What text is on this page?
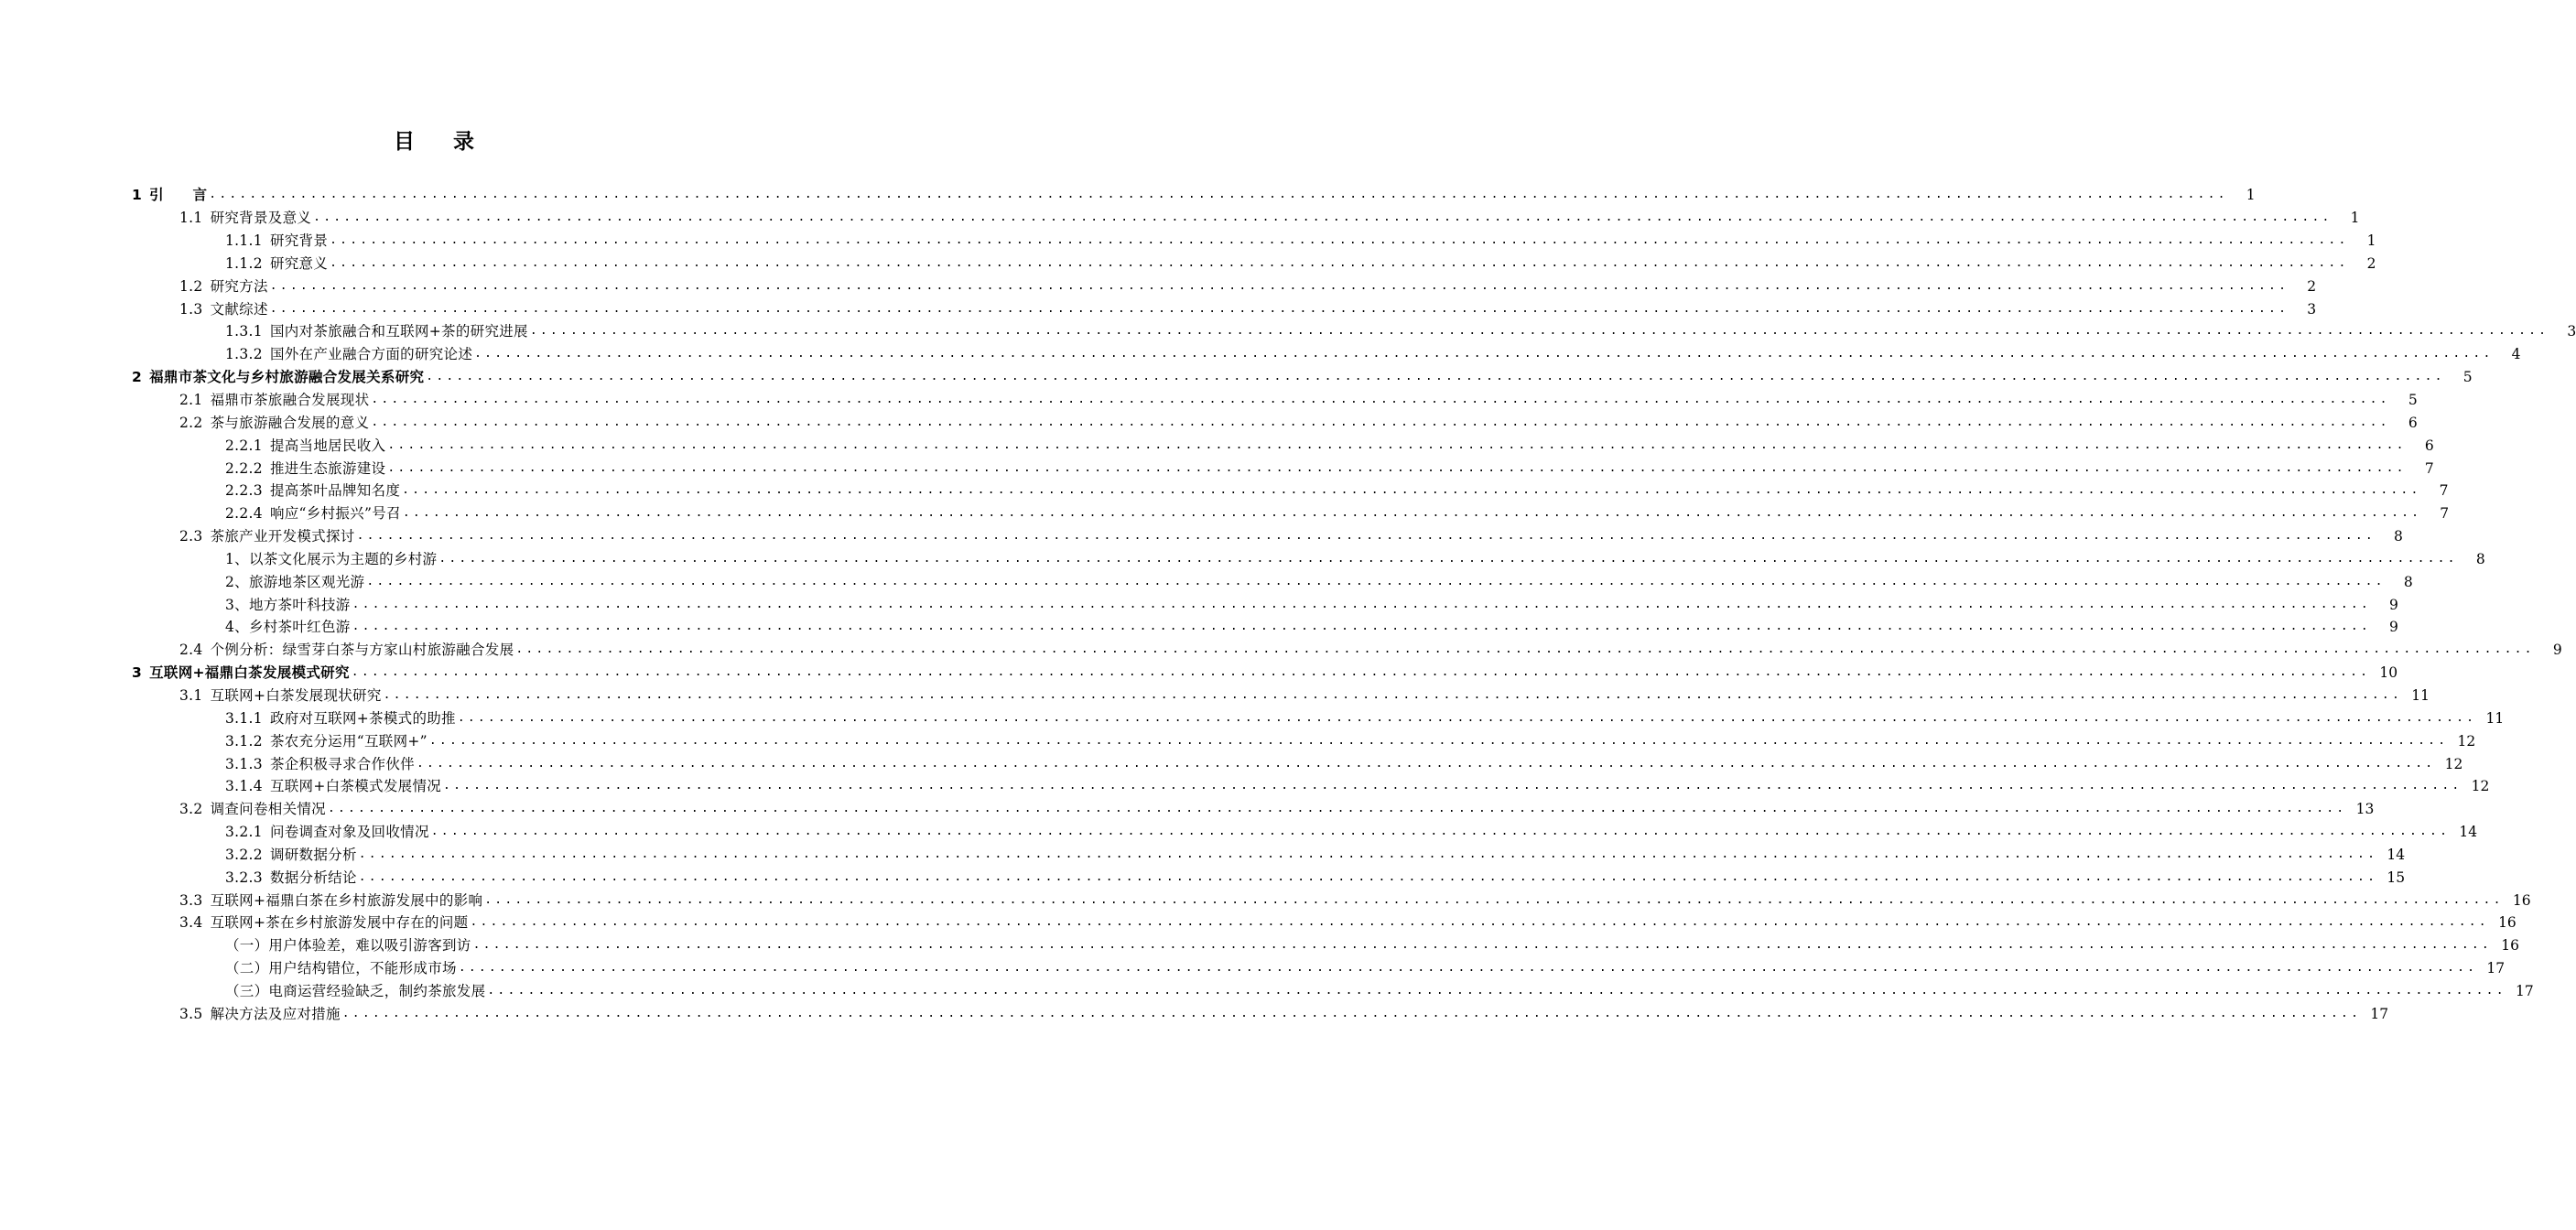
目 录
1 引　　言 ........................................................................................................................................................................................................	1
1.1 研究背景及意义 ........................................................................................................................................................................................................	1
1.1.1 研究背景 ........................................................................................................................................................................................................	1
1.1.2 研究意义 ........................................................................................................................................................................................................	2
1.2 研究方法 ........................................................................................................................................................................................................	2
1.3 文献综述 ........................................................................................................................................................................................................	3
1.3.1 国内对茶旅融合和互联网+茶的研究进展 ........................................................................................................................................................................................................	3
1.3.2 国外在产业融合方面的研究论述 ........................................................................................................................................................................................................	4
2 福鼎市茶文化与乡村旅游融合发展关系研究 ........................................................................................................................................................................................................	5
2.1 福鼎市茶旅融合发展现状 ........................................................................................................................................................................................................	5
2.2 茶与旅游融合发展的意义 ........................................................................................................................................................................................................	6
2.2.1 提高当地居民收入 ........................................................................................................................................................................................................	6
2.2.2 推进生态旅游建设 ........................................................................................................................................................................................................	7
2.2.3 提高茶叶品牌知名度 ........................................................................................................................................................................................................	7
2.2.4 响应“乡村振兴”号召 ........................................................................................................................................................................................................	7
2.3 茶旅产业开发模式探讨 ........................................................................................................................................................................................................	8
1、以茶文化展示为主题的乡村游 ........................................................................................................................................................................................................	8
2、旅游地茶区观光游 ........................................................................................................................................................................................................	8
3、地方茶叶科技游 ........................................................................................................................................................................................................	9
4、乡村茶叶红色游 ........................................................................................................................................................................................................	9
2.4 个例分析：绿雪芽白茶与方家山村旅游融合发展 ........................................................................................................................................................................................................	9
3 互联网+福鼎白茶发展模式研究 ........................................................................................................................................................................................................ 10
3.1 互联网+白茶发展现状研究 ........................................................................................................................................................................................................ 11
3.1.1 政府对互联网+茶模式的助推 ........................................................................................................................................................................................................ 11
3.1.2 茶农充分运用“互联网+” ........................................................................................................................................................................................................ 12
3.1.3 茶企积极寻求合作伙伴 ........................................................................................................................................................................................................ 12
3.1.4 互联网+白茶模式发展情况 ........................................................................................................................................................................................................ 12
3.2 调查问卷相关情况 ........................................................................................................................................................................................................ 13
3.2.1 问卷调查对象及回收情况 ........................................................................................................................................................................................................ 14
3.2.2 调研数据分析 ........................................................................................................................................................................................................ 14
3.2.3 数据分析结论 ........................................................................................................................................................................................................ 15
3.3 互联网+福鼎白茶在乡村旅游发展中的影响 ........................................................................................................................................................................................................ 16
3.4 互联网+茶在乡村旅游发展中存在的问题 ........................................................................................................................................................................................................ 16
（一）用户体验差，难以吸引游客到访 ........................................................................................................................................................................................................ 16
（二）用户结构错位，不能形成市场 ........................................................................................................................................................................................................ 17
（三）电商运营经验缺乏，制约茶旅发展 ........................................................................................................................................................................................................ 17
3.5 解决方法及应对措施 ........................................................................................................................................................................................................ 17
